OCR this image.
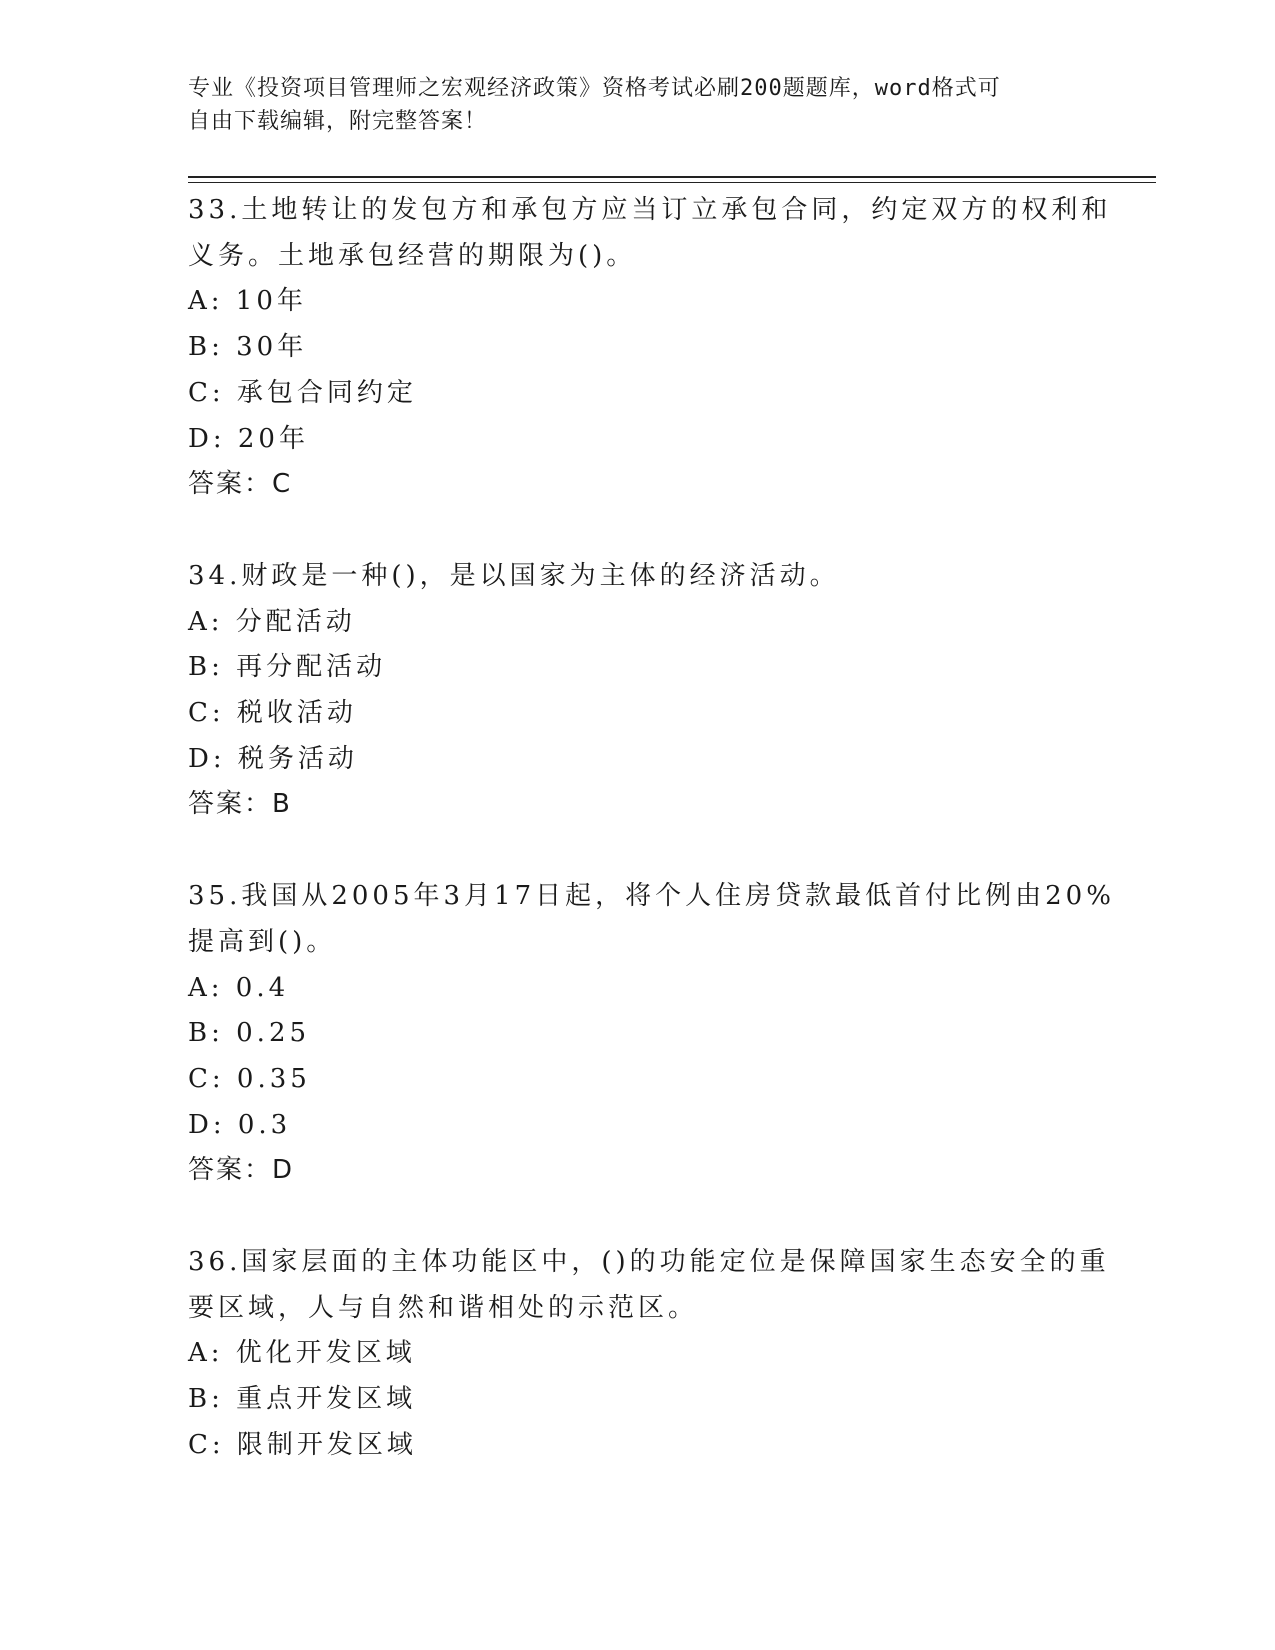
专业《投资项目管理师之宏观经济政策》资格考试必刷200题题库，word格式可
自由下载编辑，附完整答案！
33.土地转让的发包方和承包方应当订立承包合同，约定双方的权利和
义务。土地承包经营的期限为()。
A: 10年
B: 30年
C: 承包合同约定
D: 20年
答案：C
34.财政是一种()，是以国家为主体的经济活动。
A: 分配活动
B: 再分配活动
C: 税收活动
D: 税务活动
答案：B
35.我国从2005年3月17日起，将个人住房贷款最低首付比例由20%
提高到()。
A: 0.4
B: 0.25
C: 0.35
D: 0.3
答案：D
36.国家层面的主体功能区中，()的功能定位是保障国家生态安全的重
要区域，人与自然和谐相处的示范区。
A: 优化开发区域
B: 重点开发区域
C: 限制开发区域
